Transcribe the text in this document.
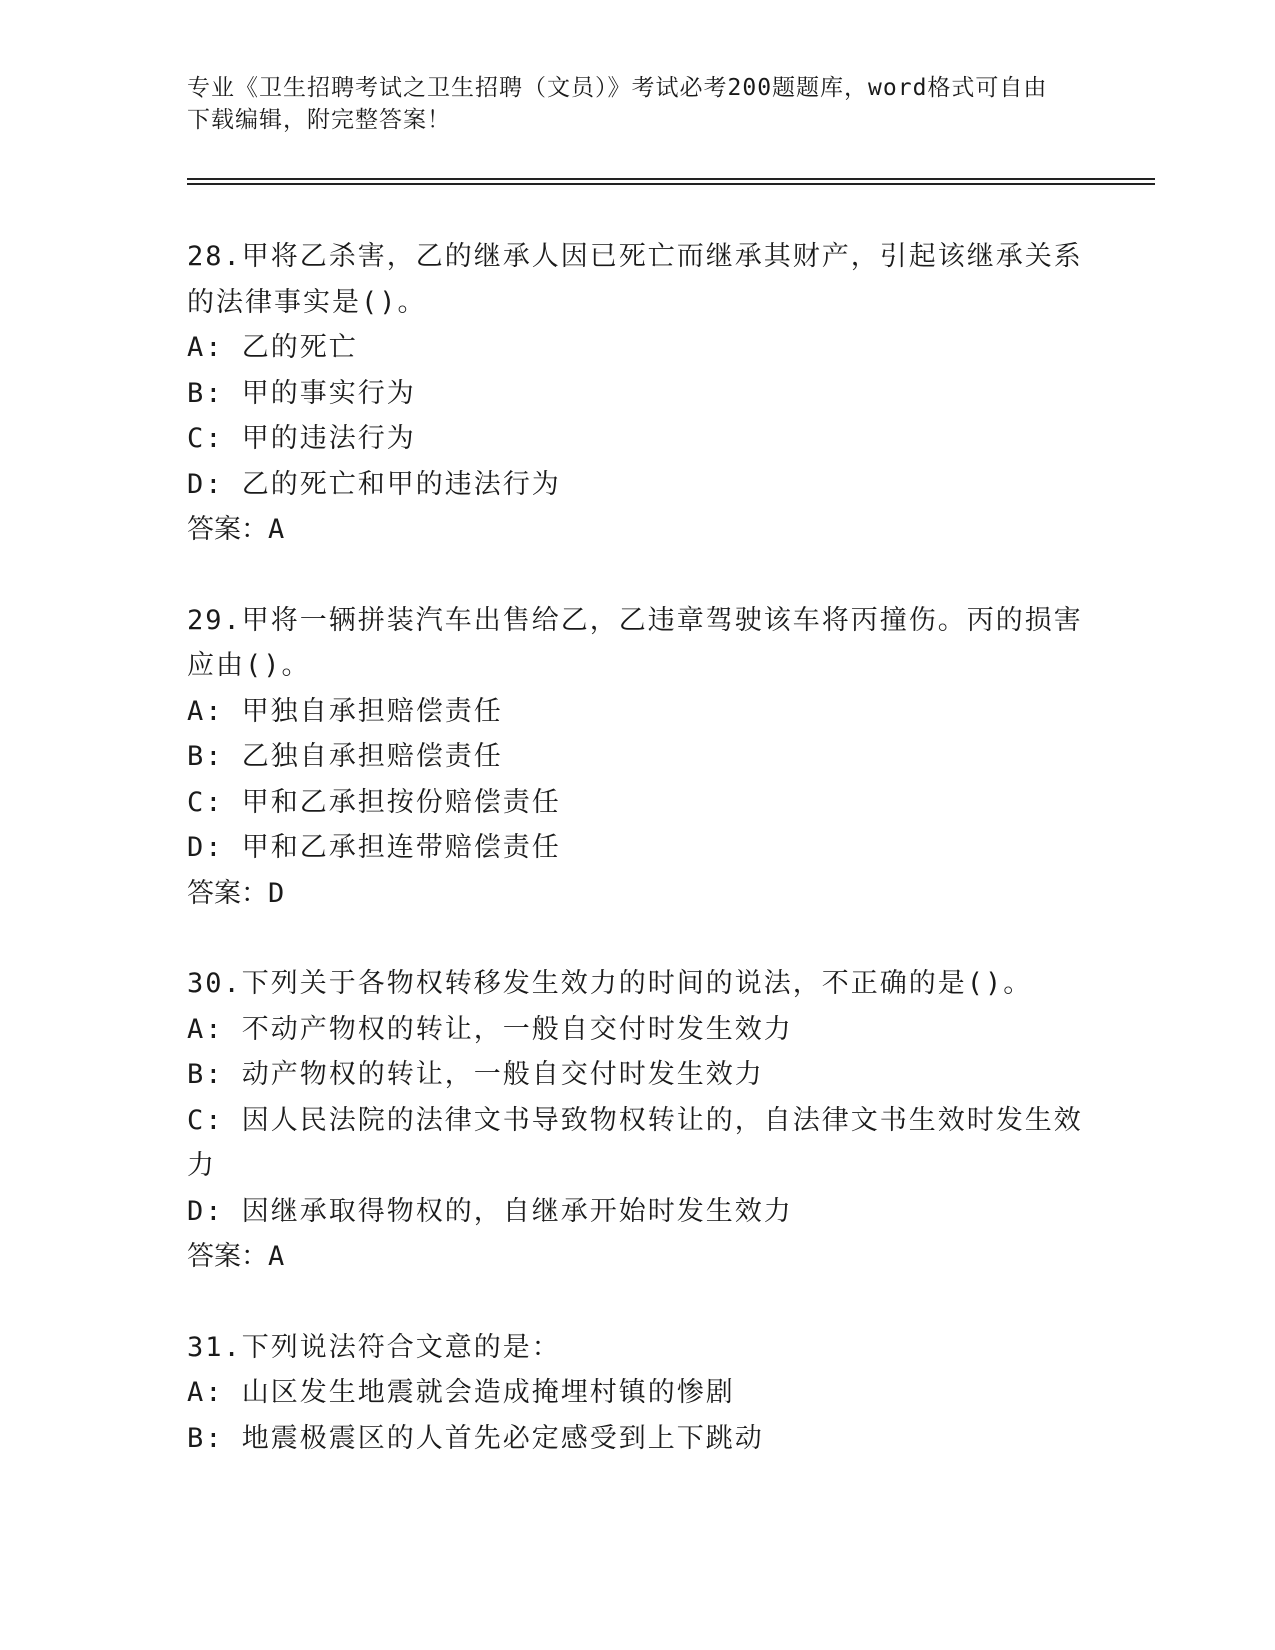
专业《卫生招聘考试之卫生招聘（文员）》考试必考200题题库，word格式可自由下载编辑，附完整答案！

28.甲将乙杀害，乙的继承人因已死亡而继承其财产，引起该继承关系的法律事实是()。

A: 乙的死亡

B: 甲的事实行为

C: 甲的违法行为

D: 乙的死亡和甲的违法行为

答案：A

29.甲将一辆拼装汽车出售给乙，乙违章驾驶该车将丙撞伤。丙的损害应由()。

A: 甲独自承担赔偿责任

B: 乙独自承担赔偿责任

C: 甲和乙承担按份赔偿责任

D: 甲和乙承担连带赔偿责任

答案：D

30.下列关于各物权转移发生效力的时间的说法，不正确的是()。

A: 不动产物权的转让，一般自交付时发生效力

B: 动产物权的转让，一般自交付时发生效力

C: 因人民法院的法律文书导致物权转让的，自法律文书生效时发生效力

D: 因继承取得物权的，自继承开始时发生效力

答案：A

31.下列说法符合文意的是：

A: 山区发生地震就会造成掩埋村镇的惨剧

B: 地震极震区的人首先必定感受到上下跳动
